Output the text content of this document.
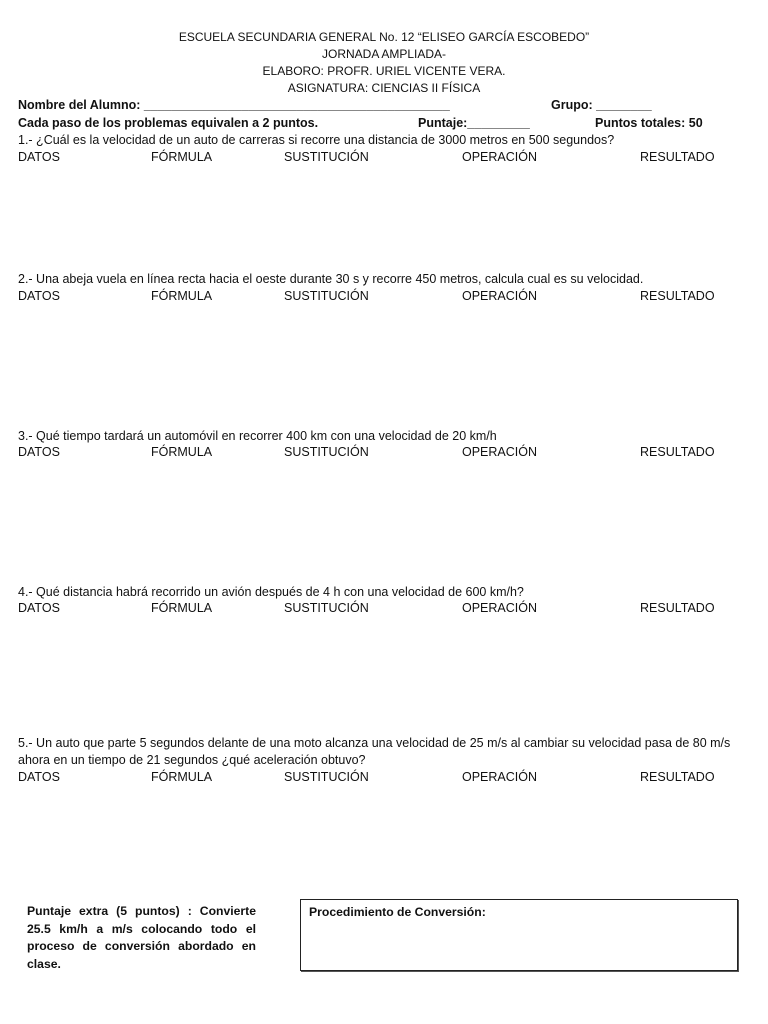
ESCUELA SECUNDARIA GENERAL No. 12 “ELISEO GARCÍA ESCOBEDO”
JORNADA AMPLIADA-
ELABORO: PROFR. URIEL VICENTE VERA.
ASIGNATURA: CIENCIAS II FÍSICA
Nombre del Alumno: ____________________________________________	Grupo: ________
Cada paso de los problemas equivalen a 2 puntos.	Puntaje:_________	Puntos totales: 50
1.- ¿Cuál es la velocidad de un auto de carreras si recorre una distancia de 3000 metros en 500 segundos?
DATOS	FÓRMULA	SUSTITUCIÓN	OPERACIÓN	RESULTADO
2.- Una abeja vuela en línea recta hacia el oeste durante 30 s y recorre 450 metros, calcula cual es su velocidad.
DATOS	FÓRMULA	SUSTITUCIÓN	OPERACIÓN	RESULTADO
3.- Qué tiempo tardará un automóvil en recorrer 400 km con una velocidad de 20 km/h
DATOS	FÓRMULA	SUSTITUCIÓN	OPERACIÓN	RESULTADO
4.- Qué distancia habrá recorrido un avión después de 4 h con una velocidad de 600 km/h?
DATOS	FÓRMULA	SUSTITUCIÓN	OPERACIÓN	RESULTADO
5.- Un auto que parte 5 segundos delante de una moto alcanza una velocidad de 25 m/s al cambiar su velocidad pasa de 80 m/s ahora en un tiempo de 21 segundos ¿qué aceleración obtuvo?
DATOS	FÓRMULA	SUSTITUCIÓN	OPERACIÓN	RESULTADO
Puntaje extra (5 puntos) : Convierte 25.5 km/h a m/s colocando todo el proceso de conversión abordado en clase.
Procedimiento de Conversión:
